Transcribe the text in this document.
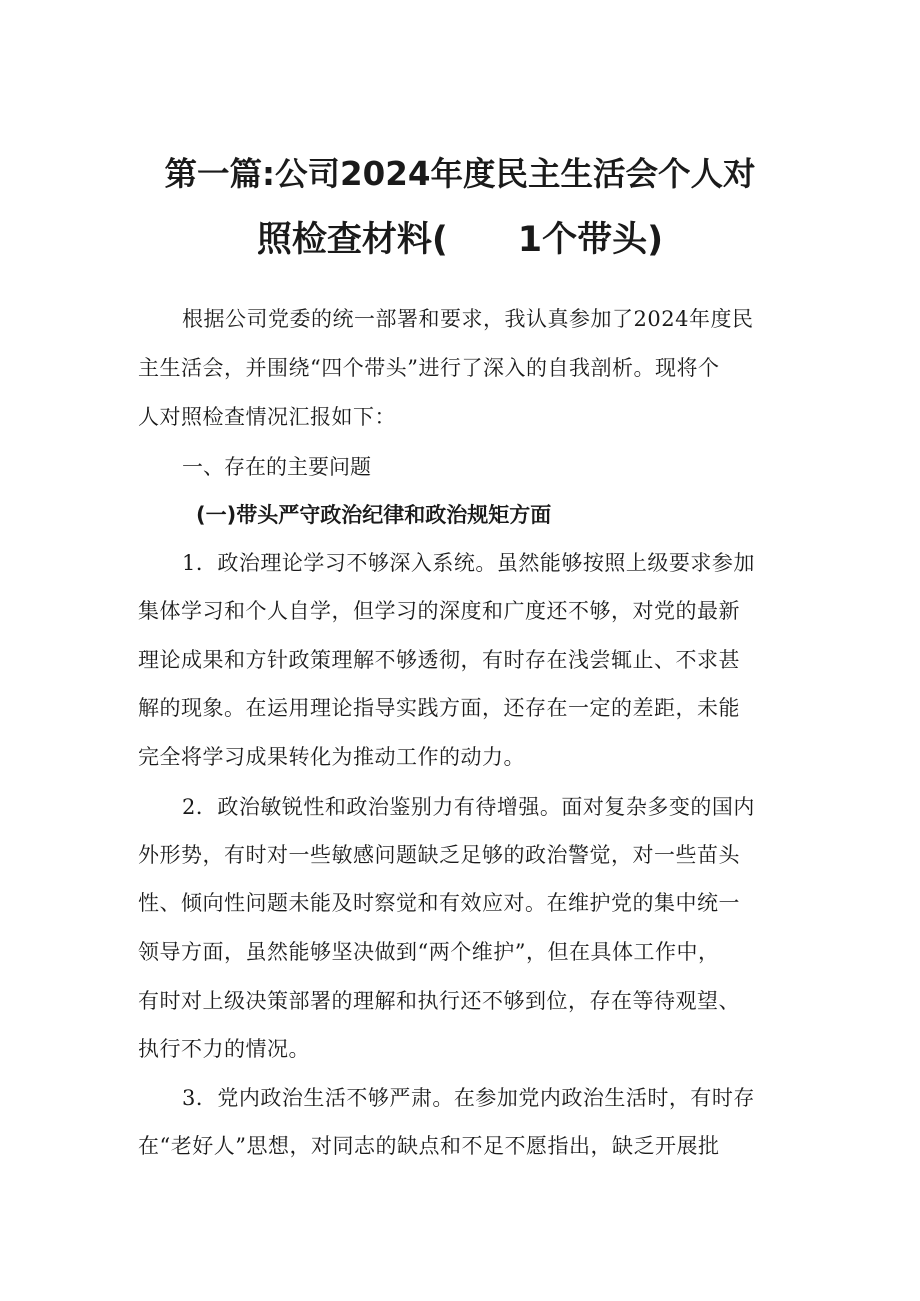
第一篇:公司2024年度民主生活会个人对
照检查材料(　　1个带头)
根据公司党委的统一部署和要求，我认真参加了2024年度民
主生活会，并围绕“四个带头”进行了深入的自我剖析。现将个
人对照检查情况汇报如下：
一、存在的主要问题
(一)带头严守政治纪律和政治规矩方面
1．政治理论学习不够深入系统。虽然能够按照上级要求参加
集体学习和个人自学，但学习的深度和广度还不够，对党的最新
理论成果和方针政策理解不够透彻，有时存在浅尝辄止、不求甚
解的现象。在运用理论指导实践方面，还存在一定的差距，未能
完全将学习成果转化为推动工作的动力。
2．政治敏锐性和政治鉴别力有待增强。面对复杂多变的国内
外形势，有时对一些敏感问题缺乏足够的政治警觉，对一些苗头
性、倾向性问题未能及时察觉和有效应对。在维护党的集中统一
领导方面，虽然能够坚决做到“两个维护”，但在具体工作中，
有时对上级决策部署的理解和执行还不够到位，存在等待观望、
执行不力的情况。
3．党内政治生活不够严肃。在参加党内政治生活时，有时存
在“老好人”思想，对同志的缺点和不足不愿指出，缺乏开展批
